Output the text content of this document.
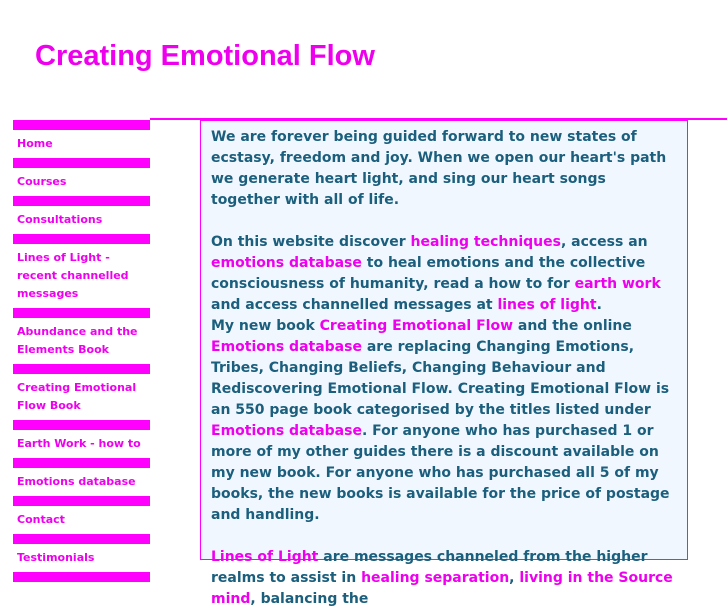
Creating Emotional Flow
Home
Courses
Consultations
Lines of Light - recent channelled messages
Abundance and the Elements Book
Creating Emotional Flow Book
Earth Work - how to
Emotions database
Contact
Testimonials

We are forever being guided forward to new states of ecstasy, freedom and joy. When we open our heart's path we generate heart light, and sing our heart songs together with all of life.

On this website discover healing techniques, access an emotions database to heal emotions and the collective consciousness of humanity, read a how to for earth work and access channelled messages at lines of light.

My new book Creating Emotional Flow and the online Emotions database are replacing Changing Emotions, Tribes, Changing Beliefs, Changing Behaviour and Rediscovering Emotional Flow. Creating Emotional Flow is an 550 page book categorised by the titles listed under Emotions database. For anyone who has purchased 1 or more of my other guides there is a discount available on my new book. For anyone who has purchased all 5 of my books, the new books is available for the price of postage and handling.

Lines of Light are messages channeled from the higher realms to assist in healing separation, living in the Source mind, balancing the
